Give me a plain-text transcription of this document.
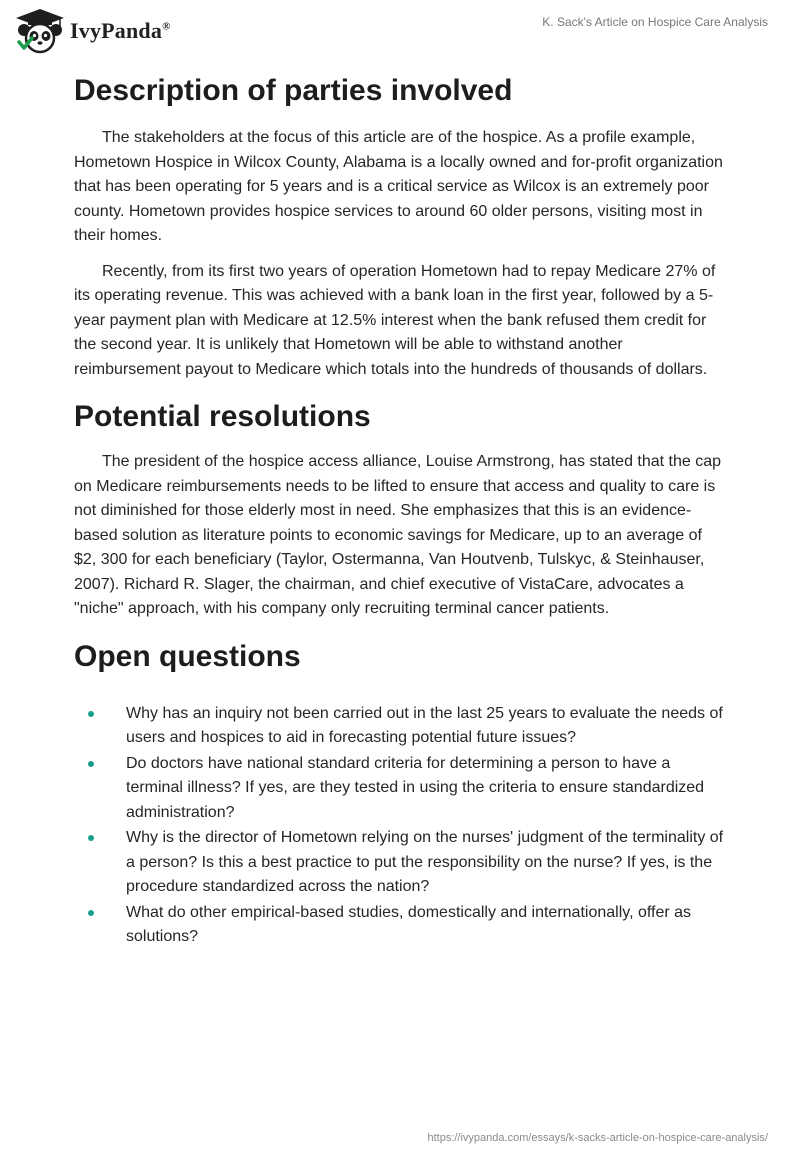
IvyPanda®	K. Sack's Article on Hospice Care Analysis
Description of parties involved

The stakeholders at the focus of this article are of the hospice. As a profile example, Hometown Hospice in Wilcox County, Alabama is a locally owned and for-profit organization that has been operating for 5 years and is a critical service as Wilcox is an extremely poor county. Hometown provides hospice services to around 60 older persons, visiting most in their homes.

Recently, from its first two years of operation Hometown had to repay Medicare 27% of its operating revenue. This was achieved with a bank loan in the first year, followed by a 5-year payment plan with Medicare at 12.5% interest when the bank refused them credit for the second year. It is unlikely that Hometown will be able to withstand another reimbursement payout to Medicare which totals into the hundreds of thousands of dollars.

Potential resolutions

The president of the hospice access alliance, Louise Armstrong, has stated that the cap on Medicare reimbursements needs to be lifted to ensure that access and quality to care is not diminished for those elderly most in need. She emphasizes that this is an evidence-based solution as literature points to economic savings for Medicare, up to an average of $2, 300 for each beneficiary (Taylor, Ostermanna, Van Houtvenb, Tulskyc, & Steinhauser, 2007). Richard R. Slager, the chairman, and chief executive of VistaCare, advocates a "niche" approach, with his company only recruiting terminal cancer patients.

Open questions
Why has an inquiry not been carried out in the last 25 years to evaluate the needs of users and hospices to aid in forecasting potential future issues?
Do doctors have national standard criteria for determining a person to have a terminal illness? If yes, are they tested in using the criteria to ensure standardized administration?
Why is the director of Hometown relying on the nurses' judgment of the terminality of a person? Is this a best practice to put the responsibility on the nurse? If yes, is the procedure standardized across the nation?
What do other empirical-based studies, domestically and internationally, offer as solutions?
https://ivypanda.com/essays/k-sacks-article-on-hospice-care-analysis/
